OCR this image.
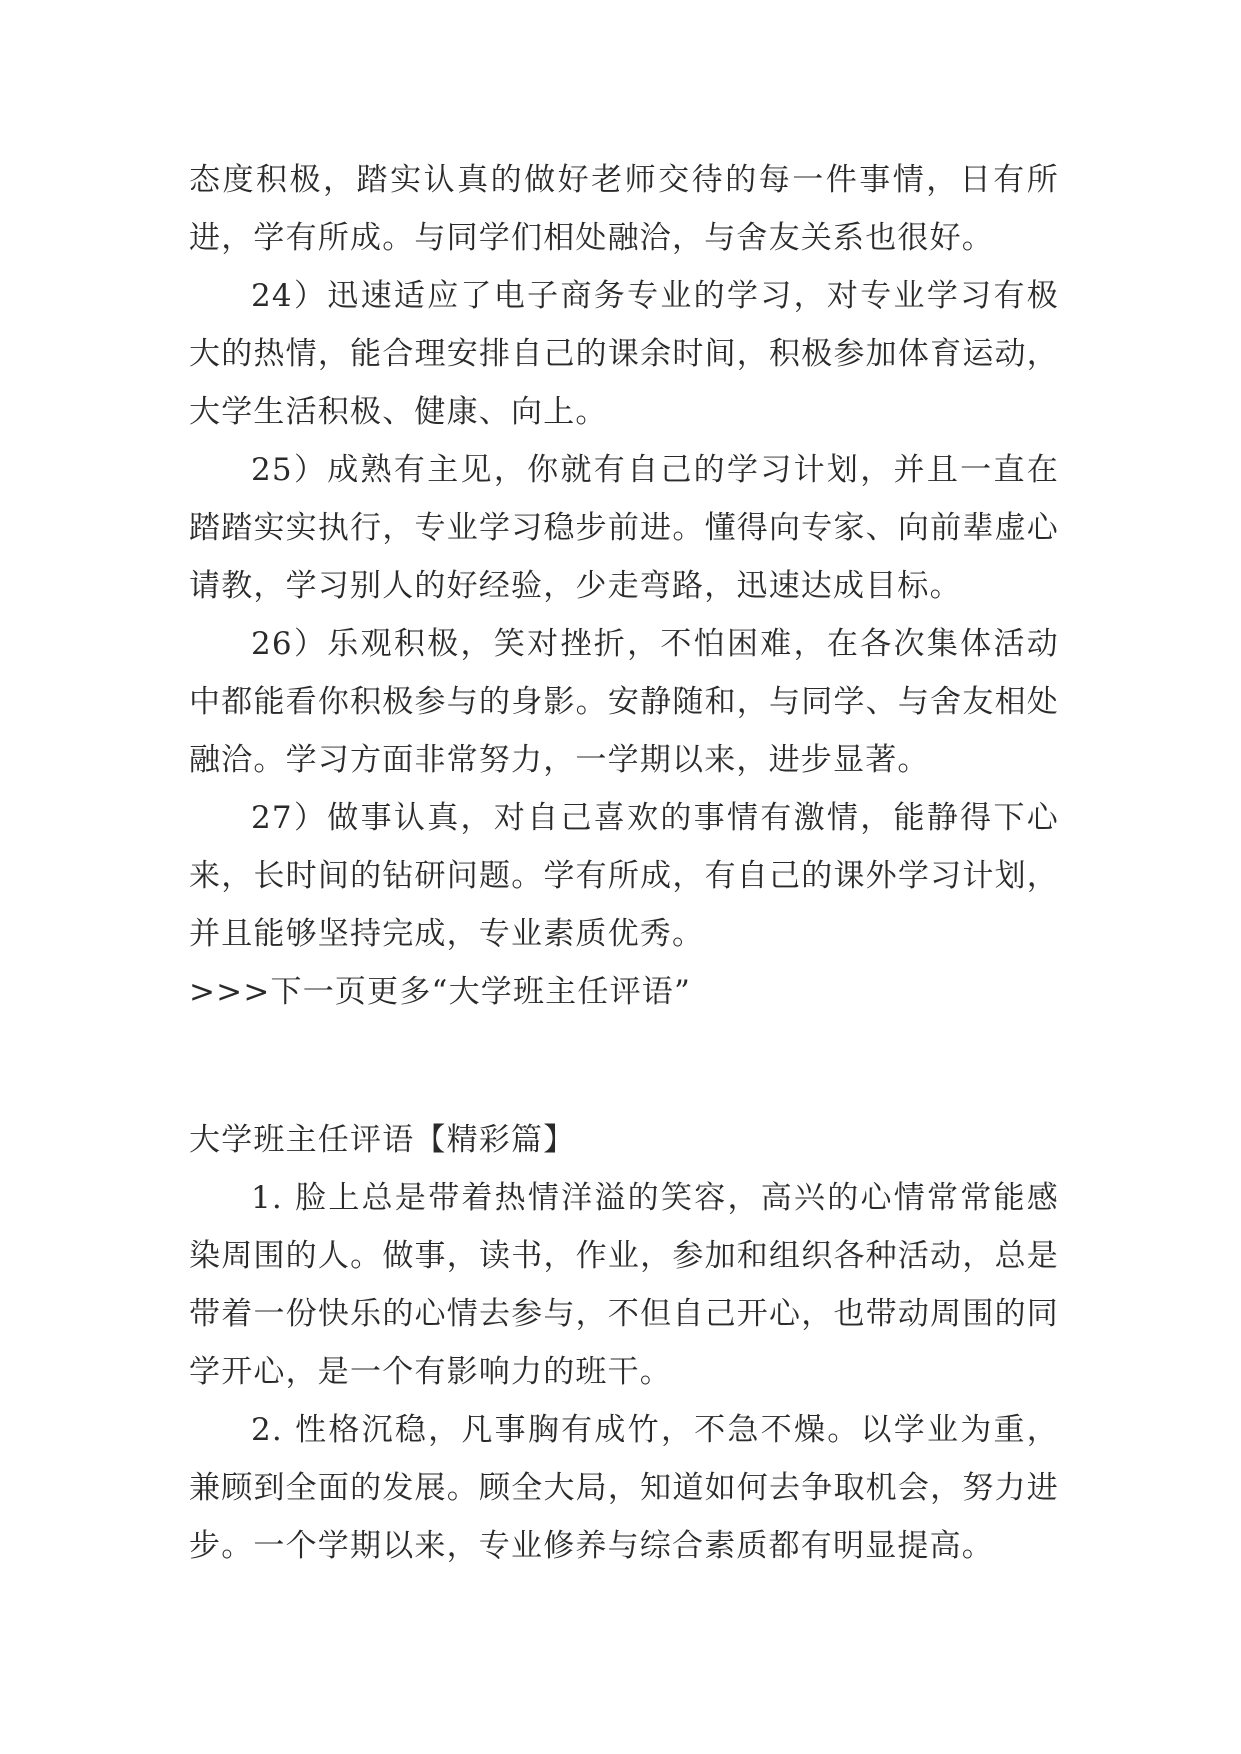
态度积极，踏实认真的做好老师交待的每一件事情，日有所进，学有所成。与同学们相处融洽，与舍友关系也很好。

24）迅速适应了电子商务专业的学习，对专业学习有极大的热情，能合理安排自己的课余时间，积极参加体育运动，大学生活积极、健康、向上。

25）成熟有主见，你就有自己的学习计划，并且一直在踏踏实实执行，专业学习稳步前进。懂得向专家、向前辈虚心请教，学习别人的好经验，少走弯路，迅速达成目标。

26）乐观积极，笑对挫折，不怕困难，在各次集体活动中都能看你积极参与的身影。安静随和，与同学、与舍友相处融洽。学习方面非常努力，一学期以来，进步显著。

27）做事认真，对自己喜欢的事情有激情，能静得下心来，长时间的钻研问题。学有所成，有自己的课外学习计划，并且能够坚持完成，专业素质优秀。

>>>下一页更多“大学班主任评语”

大学班主任评语【精彩篇】

1. 脸上总是带着热情洋溢的笑容，高兴的心情常常能感染周围的人。做事，读书，作业，参加和组织各种活动，总是带着一份快乐的心情去参与，不但自己开心，也带动周围的同学开心，是一个有影响力的班干。

2. 性格沉稳，凡事胸有成竹，不急不燥。以学业为重，兼顾到全面的发展。顾全大局，知道如何去争取机会，努力进步。一个学期以来，专业修养与综合素质都有明显提高。
